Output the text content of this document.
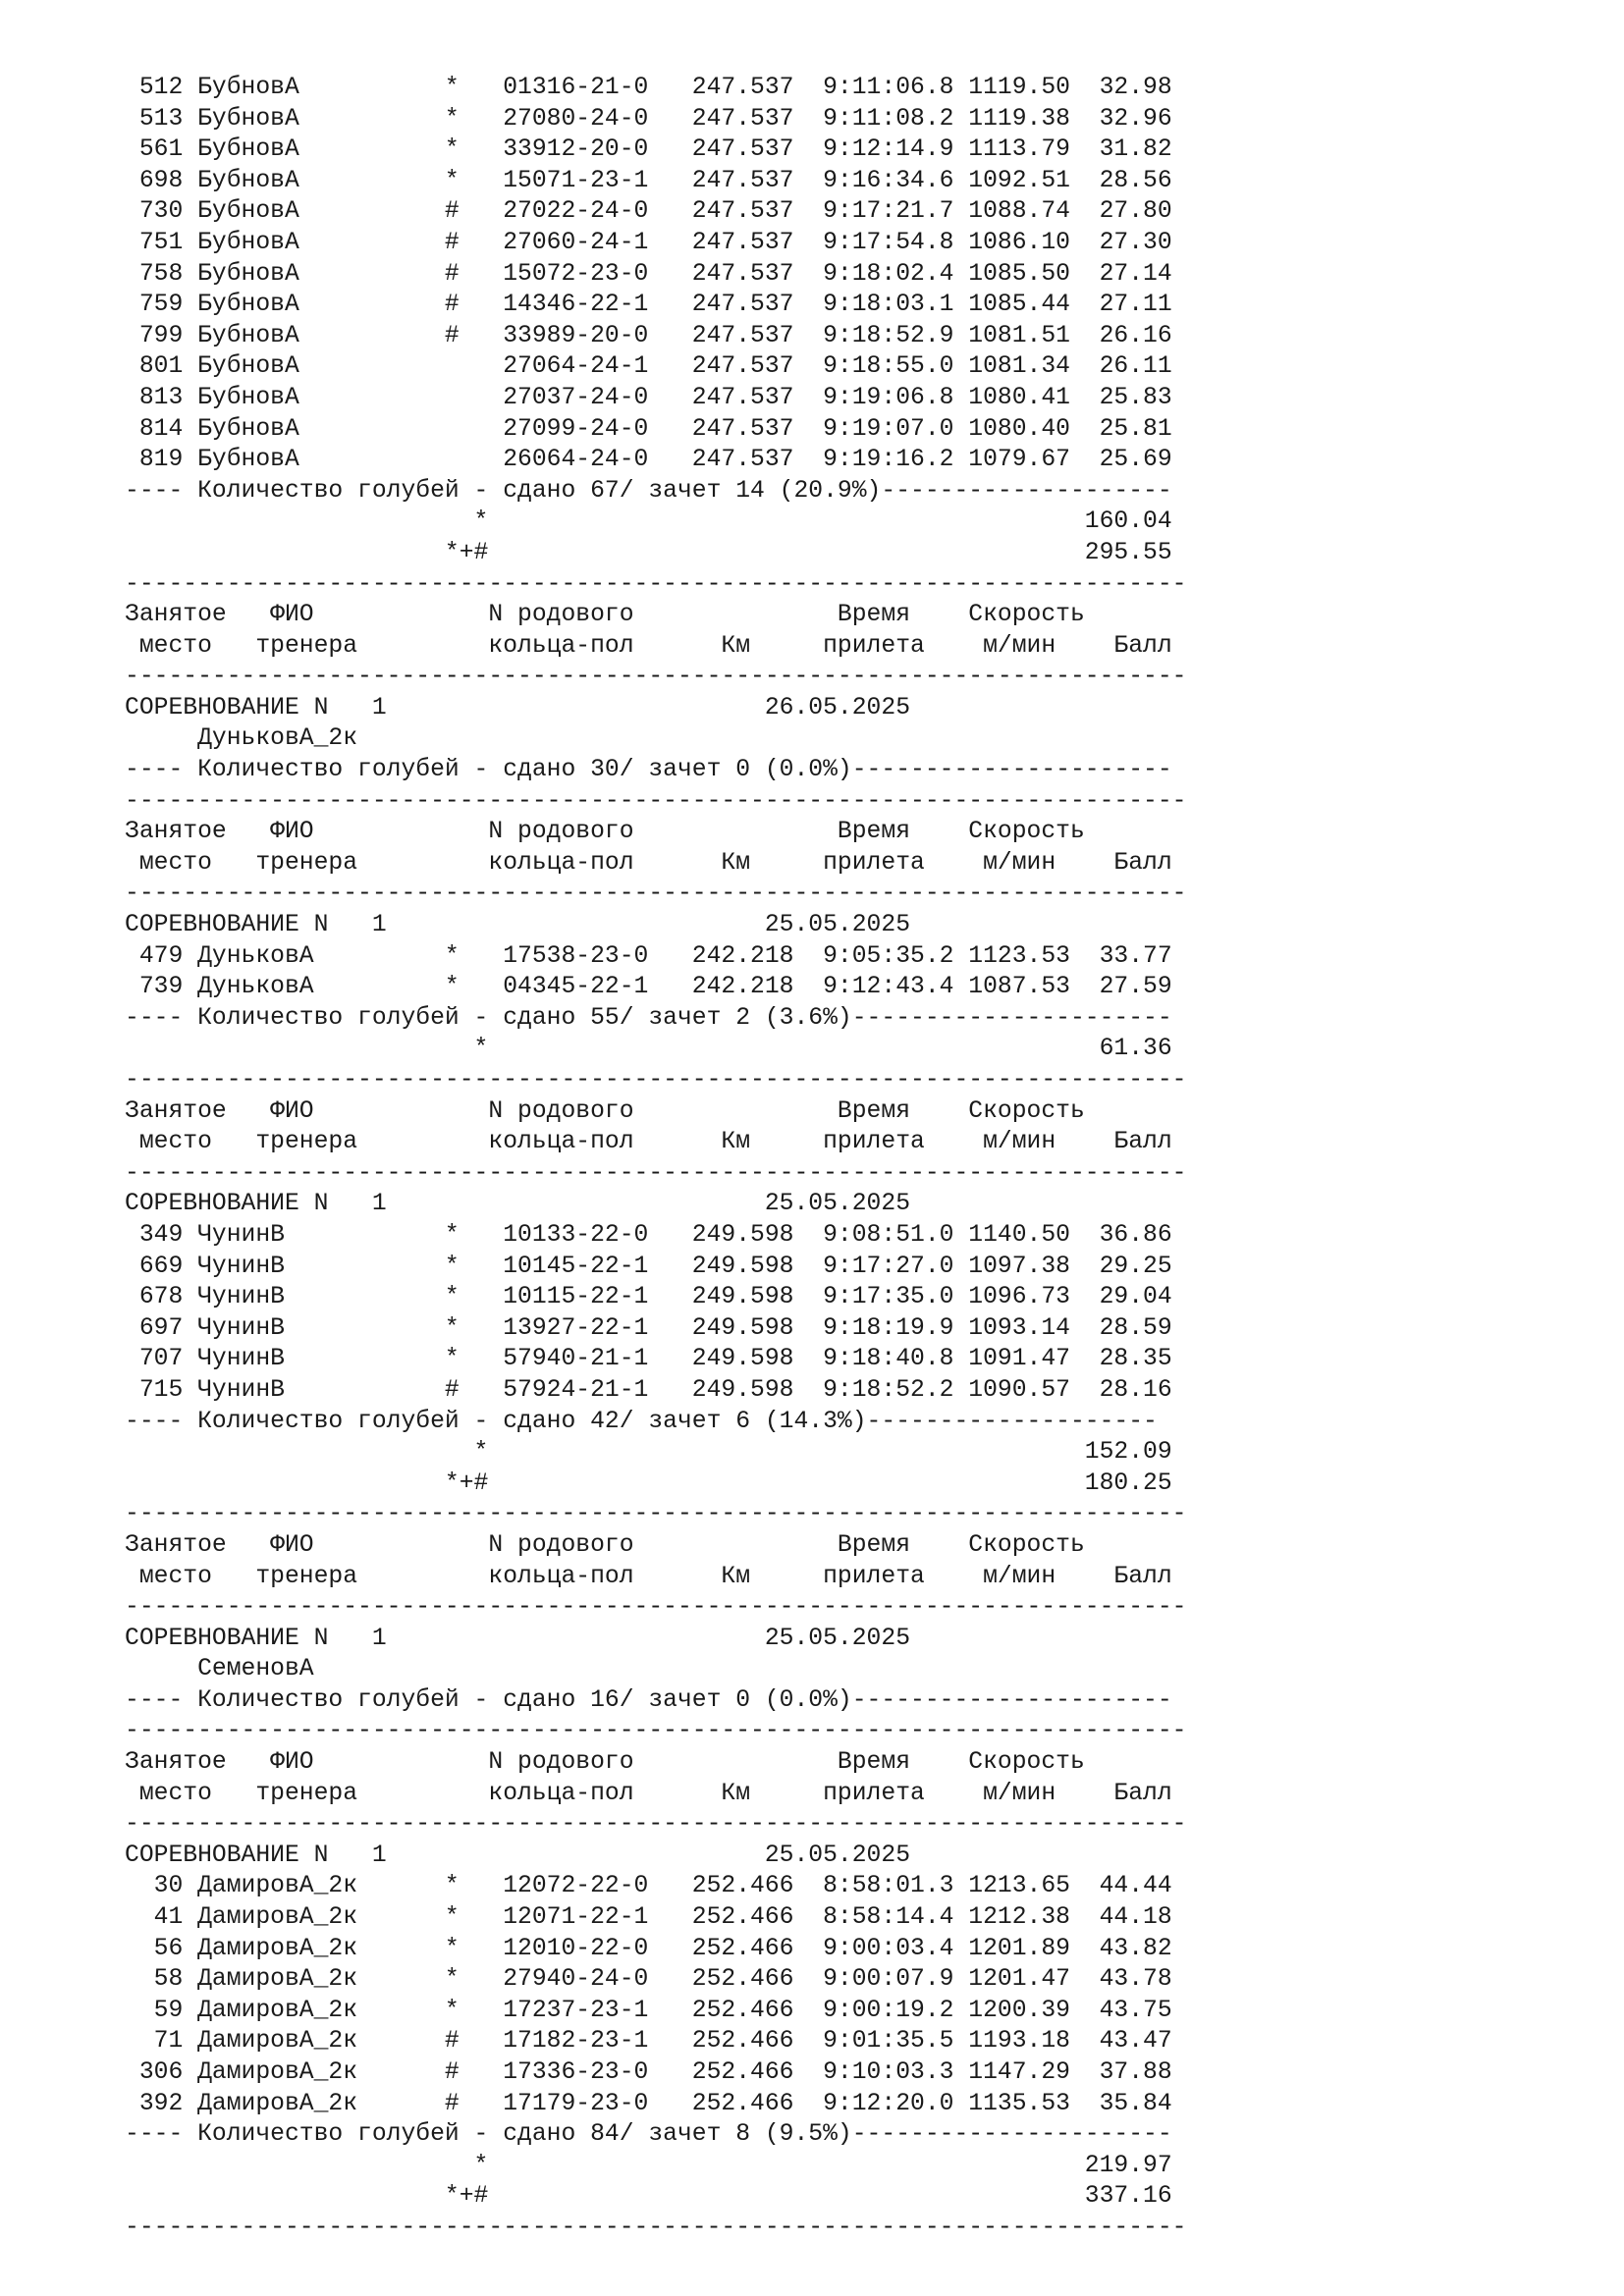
512 БубновА          *   01316-21-0   247.537  9:11:06.8 1119.50  32.98
513 БубновА          *   27080-24-0   247.537  9:11:08.2 1119.38  32.96
561 БубновА          *   33912-20-0   247.537  9:12:14.9 1113.79  31.82
698 БубновА          *   15071-23-1   247.537  9:16:34.6 1092.51  28.56
730 БубновА          #   27022-24-0   247.537  9:17:21.7 1088.74  27.80
751 БубновА          #   27060-24-1   247.537  9:17:54.8 1086.10  27.30
758 БубновА          #   15072-23-0   247.537  9:18:02.4 1085.50  27.14
759 БубновА          #   14346-22-1   247.537  9:18:03.1 1085.44  27.11
799 БубновА          #   33989-20-0   247.537  9:18:52.9 1081.51  26.16
801 БубновА              27064-24-1   247.537  9:18:55.0 1081.34  26.11
813 БубновА              27037-24-0   247.537  9:19:06.8 1080.41  25.83
814 БубновА              27099-24-0   247.537  9:19:07.0 1080.40  25.81
819 БубновА              26064-24-0   247.537  9:19:16.2 1079.67  25.69
---- Количество голубей - сдано 67/ зачет 14 (20.9%)--------------------
*                                         160.04
*+#                                         295.55
-------------------------------------------------------------------------
Занятое   ФИО            N родового              Время    Скорость
место   тренера         кольца-пол      Км     прилета    м/мин    Балл
-------------------------------------------------------------------------
СОРЕВНОВАНИЕ N   1                          26.05.2025
ДуньковА_2к
---- Количество голубей - сдано 30/ зачет 0 (0.0%)----------------------
-------------------------------------------------------------------------
Занятое   ФИО            N родового              Время    Скорость
место   тренера         кольца-пол      Км     прилета    м/мин    Балл
-------------------------------------------------------------------------
СОРЕВНОВАНИЕ N   1                          25.05.2025
479 ДуньковА         *   17538-23-0   242.218  9:05:35.2 1123.53  33.77
739 ДуньковА         *   04345-22-1   242.218  9:12:43.4 1087.53  27.59
---- Количество голубей - сдано 55/ зачет 2 (3.6%)----------------------
*                                          61.36
-------------------------------------------------------------------------
Занятое   ФИО            N родового              Время    Скорость
место   тренера         кольца-пол      Км     прилета    м/мин    Балл
-------------------------------------------------------------------------
СОРЕВНОВАНИЕ N   1                          25.05.2025
349 ЧунинВ           *   10133-22-0   249.598  9:08:51.0 1140.50  36.86
669 ЧунинВ           *   10145-22-1   249.598  9:17:27.0 1097.38  29.25
678 ЧунинВ           *   10115-22-1   249.598  9:17:35.0 1096.73  29.04
697 ЧунинВ           *   13927-22-1   249.598  9:18:19.9 1093.14  28.59
707 ЧунинВ           *   57940-21-1   249.598  9:18:40.8 1091.47  28.35
715 ЧунинВ           #   57924-21-1   249.598  9:18:52.2 1090.57  28.16
---- Количество голубей - сдано 42/ зачет 6 (14.3%)--------------------
*                                         152.09
*+#                                         180.25
-------------------------------------------------------------------------
Занятое   ФИО            N родового              Время    Скорость
место   тренера         кольца-пол      Км     прилета    м/мин    Балл
-------------------------------------------------------------------------
СОРЕВНОВАНИЕ N   1                          25.05.2025
СеменовА
---- Количество голубей - сдано 16/ зачет 0 (0.0%)----------------------
-------------------------------------------------------------------------
Занятое   ФИО            N родового              Время    Скорость
место   тренера         кольца-пол      Км     прилета    м/мин    Балл
-------------------------------------------------------------------------
СОРЕВНОВАНИЕ N   1                          25.05.2025
30 ДамировА_2к      *   12072-22-0   252.466  8:58:01.3 1213.65  44.44
41 ДамировА_2к      *   12071-22-1   252.466  8:58:14.4 1212.38  44.18
56 ДамировА_2к      *   12010-22-0   252.466  9:00:03.4 1201.89  43.82
58 ДамировА_2к      *   27940-24-0   252.466  9:00:07.9 1201.47  43.78
59 ДамировА_2к      *   17237-23-1   252.466  9:00:19.2 1200.39  43.75
71 ДамировА_2к      #   17182-23-1   252.466  9:01:35.5 1193.18  43.47
306 ДамировА_2к      #   17336-23-0   252.466  9:10:03.3 1147.29  37.88
392 ДамировА_2к      #   17179-23-0   252.466  9:12:20.0 1135.53  35.84
---- Количество голубей - сдано 84/ зачет 8 (9.5%)----------------------
*                                         219.97
*+#                                         337.16
-------------------------------------------------------------------------
